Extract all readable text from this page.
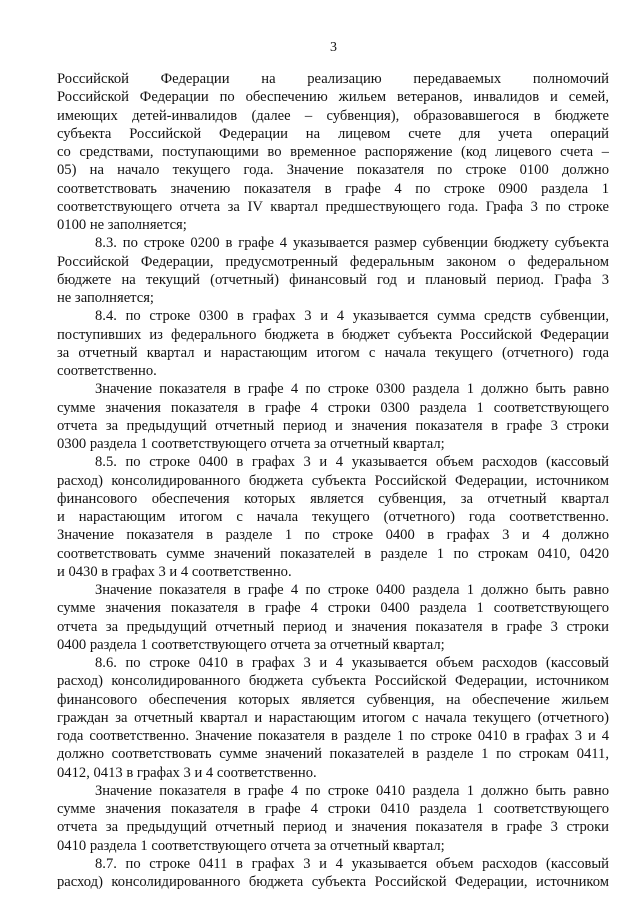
3
Российской Федерации на реализацию передаваемых полномочий
Российской Федерации по обеспечению жильем ветеранов, инвалидов и семей,
имеющих детей-инвалидов (далее – субвенция), образовавшегося в бюджете
субъекта Российской Федерации на лицевом счете для учета операций
со средствами, поступающими во временное распоряжение (код лицевого счета –
05) на начало текущего года. Значение показателя по строке 0100 должно
соответствовать значению показателя в графе 4 по строке 0900 раздела 1
соответствующего отчета за IV квартал предшествующего года. Графа 3 по строке
0100 не заполняется;
8.3. по строке 0200 в графе 4 указывается размер субвенции бюджету субъекта
Российской Федерации, предусмотренный федеральным законом о федеральном
бюджете на текущий (отчетный) финансовый год и плановый период. Графа 3
не заполняется;
8.4. по строке 0300 в графах 3 и 4 указывается сумма средств субвенции,
поступивших из федерального бюджета в бюджет субъекта Российской Федерации
за отчетный квартал и нарастающим итогом с начала текущего (отчетного) года
соответственно.
Значение показателя в графе 4 по строке 0300 раздела 1 должно быть равно
сумме значения показателя в графе 4 строки 0300 раздела 1 соответствующего
отчета за предыдущий отчетный период и значения показателя в графе 3 строки
0300 раздела 1 соответствующего отчета за отчетный квартал;
8.5. по строке 0400 в графах 3 и 4 указывается объем расходов (кассовый
расход) консолидированного бюджета субъекта Российской Федерации, источником
финансового обеспечения которых является субвенция, за отчетный квартал
и нарастающим итогом с начала текущего (отчетного) года соответственно.
Значение показателя в разделе 1 по строке 0400 в графах 3 и 4 должно
соответствовать сумме значений показателей в разделе 1 по строкам 0410, 0420
и 0430 в графах 3 и 4 соответственно.
Значение показателя в графе 4 по строке 0400 раздела 1 должно быть равно
сумме значения показателя в графе 4 строки 0400 раздела 1 соответствующего
отчета за предыдущий отчетный период и значения показателя в графе 3 строки
0400 раздела 1 соответствующего отчета за отчетный квартал;
8.6. по строке 0410 в графах 3 и 4 указывается объем расходов (кассовый
расход) консолидированного бюджета субъекта Российской Федерации, источником
финансового обеспечения которых является субвенция, на обеспечение жильем
граждан за отчетный квартал и нарастающим итогом с начала текущего (отчетного)
года соответственно. Значение показателя в разделе 1 по строке 0410 в графах 3 и 4
должно соответствовать сумме значений показателей в разделе 1 по строкам 0411,
0412, 0413 в графах 3 и 4 соответственно.
Значение показателя в графе 4 по строке 0410 раздела 1 должно быть равно
сумме значения показателя в графе 4 строки 0410 раздела 1 соответствующего
отчета за предыдущий отчетный период и значения показателя в графе 3 строки
0410 раздела 1 соответствующего отчета за отчетный квартал;
8.7. по строке 0411 в графах 3 и 4 указывается объем расходов (кассовый
расход) консолидированного бюджета субъекта Российской Федерации, источником
